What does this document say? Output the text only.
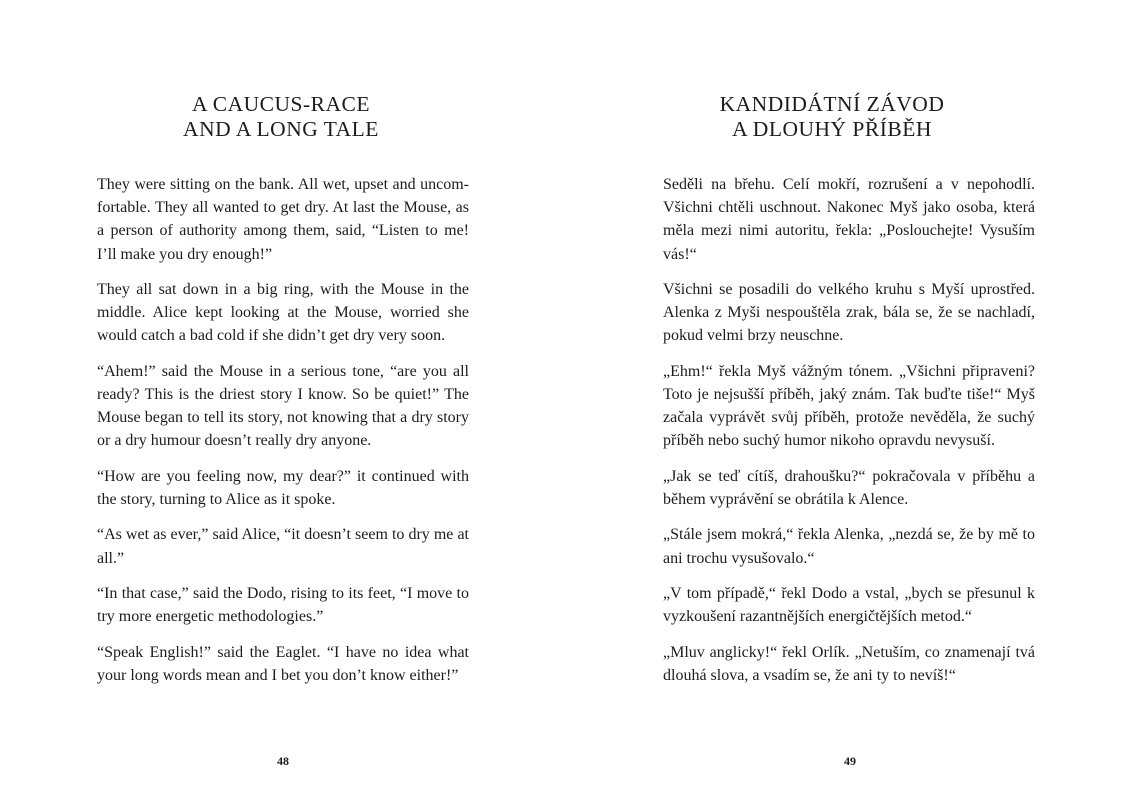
A CAUCUS-RACE
AND A LONG TALE

They were sitting on the bank. All wet, upset and uncomfortable. They all wanted to get dry. At last the Mouse, as a person of authority among them, said, “Listen to me! I’ll make you dry enough!”

They all sat down in a big ring, with the Mouse in the middle. Alice kept looking at the Mouse, worried she would catch a bad cold if she didn’t get dry very soon.

“Ahem!” said the Mouse in a serious tone, “are you all ready? This is the driest story I know. So be quiet!” The Mouse began to tell its story, not knowing that a dry story or a dry humour doesn’t really dry anyone.

“How are you feeling now, my dear?” it continued with the story, turning to Alice as it spoke.

“As wet as ever,” said Alice, “it doesn’t seem to dry me at all.”

“In that case,” said the Dodo, rising to its feet, “I move to try more energetic methodologies.”

“Speak English!” said the Eaglet. “I have no idea what your long words mean and I bet you don’t know either!”

48
KANDIDÁTNÍ ZÁVOD
A DLOUHÝ PŘÍBĚH

Seděli na břehu. Celí mokří, rozrušení a v nepohodlí. Všichni chtěli uschnout. Nakonec Myš jako osoba, která měla mezi nimi autoritu, řekla: „Poslouchejte! Vysuším vás!“

Všichni se posadili do velkého kruhu s Myší uprostřed. Alenka z Myši nespouštěla zrak, bála se, že se nachladí, pokud velmi brzy neuschne.

„Ehm!“ řekla Myš vážným tónem. „Všichni připraveni? Toto je nejsušší příběh, jaký znám. Tak buďte tiše!“ Myš začala vyprávět svůj příběh, protože nevěděla, že suchý příběh nebo suchý humor nikoho opravdu nevysuší.

„Jak se teď cítíš, drahoušku?“ pokračovala v příběhu a během vyprávění se obrátila k Alence.

„Stále jsem mokrá,“ řekla Alenka, „nezdá se, že by mě to ani trochu vysušovalo.“

„V tom případě,“ řekl Dodo a vstal, „bych se přesunul k vyzkoušení razantnějších energičtějších metod.“

„Mluv anglicky!“ řekl Orlík. „Netuším, co znamenají tvá dlouhá slova, a vsadím se, že ani ty to nevíš!“

49
